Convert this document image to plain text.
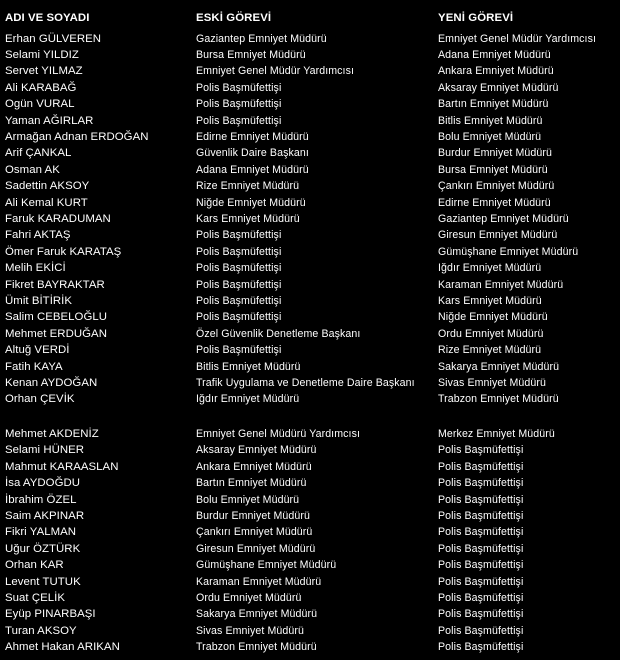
ADI VE SOYADI	ESKİ GÖREVİ	YENİ GÖREVİ
Erhan GÜLVEREN	Gaziantep Emniyet Müdürü	Emniyet Genel Müdür Yardımcısı
Selami YILDIZ	Bursa Emniyet Müdürü	Adana Emniyet Müdürü
Servet YILMAZ	Emniyet Genel Müdür Yardımcısı	Ankara Emniyet Müdürü
Ali KARABAĞ	Polis Başmüfettişi	Aksaray Emniyet Müdürü
Ogün VURAL	Polis Başmüfettişi	Bartın Emniyet Müdürü
Yaman AĞIRLAR	Polis Başmüfettişi	Bitlis Emniyet Müdürü
Armağan Adnan ERDOĞAN	Edirne Emniyet Müdürü	Bolu Emniyet Müdürü
Arif ÇANKAL	Güvenlik Daire Başkanı	Burdur Emniyet Müdürü
Osman AK	Adana Emniyet Müdürü	Bursa Emniyet Müdürü
Sadettin AKSOY	Rize Emniyet Müdürü	Çankırı Emniyet Müdürü
Ali Kemal KURT	Niğde Emniyet Müdürü	Edirne Emniyet Müdürü
Faruk KARADUMAN	Kars Emniyet Müdürü	Gaziantep Emniyet Müdürü
Fahri AKTAŞ	Polis Başmüfettişi	Giresun Emniyet Müdürü
Ömer Faruk KARATAŞ	Polis Başmüfettişi	Gümüşhane Emniyet Müdürü
Melih EKİCİ	Polis Başmüfettişi	Iğdır Emniyet Müdürü
Fikret BAYRAKTAR	Polis Başmüfettişi	Karaman Emniyet Müdürü
Ümit BİTİRİK	Polis Başmüfettişi	Kars Emniyet Müdürü
Salim CEBELOĞLU	Polis Başmüfettişi	Niğde Emniyet Müdürü
Mehmet ERDUĞAN	Özel Güvenlik Denetleme Başkanı	Ordu Emniyet Müdürü
Altuğ VERDİ	Polis Başmüfettişi	Rize Emniyet Müdürü
Fatih KAYA	Bitlis Emniyet Müdürü	Sakarya Emniyet Müdürü
Kenan AYDOĞAN	Trafik Uygulama ve Denetleme Daire Başkanı	Sivas Emniyet Müdürü
Orhan ÇEVİK	Iğdır Emniyet Müdürü	Trabzon Emniyet Müdürü
Mehmet AKDENİZ	Emniyet Genel Müdürü Yardımcısı	Merkez Emniyet Müdürü
Selami HÜNER	Aksaray Emniyet Müdürü	Polis Başmüfettişi
Mahmut KARAASLAN	Ankara Emniyet Müdürü	Polis Başmüfettişi
İsa AYDOĞDU	Bartın Emniyet Müdürü	Polis Başmüfettişi
İbrahim ÖZEL	Bolu Emniyet Müdürü	Polis Başmüfettişi
Saim AKPINAR	Burdur Emniyet Müdürü	Polis Başmüfettişi
Fikri YALMAN	Çankırı Emniyet Müdürü	Polis Başmüfettişi
Uğur ÖZTÜRK	Giresun Emniyet Müdürü	Polis Başmüfettişi
Orhan KAR	Gümüşhane Emniyet Müdürü	Polis Başmüfettişi
Levent TUTUK	Karaman Emniyet Müdürü	Polis Başmüfettişi
Suat ÇELİK	Ordu Emniyet Müdürü	Polis Başmüfettişi
Eyüp PINARBAŞI	Sakarya Emniyet Müdürü	Polis Başmüfettişi
Turan AKSOY	Sivas Emniyet Müdürü	Polis Başmüfettişi
Ahmet Hakan ARIKAN	Trabzon Emniyet Müdürü	Polis Başmüfettişi
